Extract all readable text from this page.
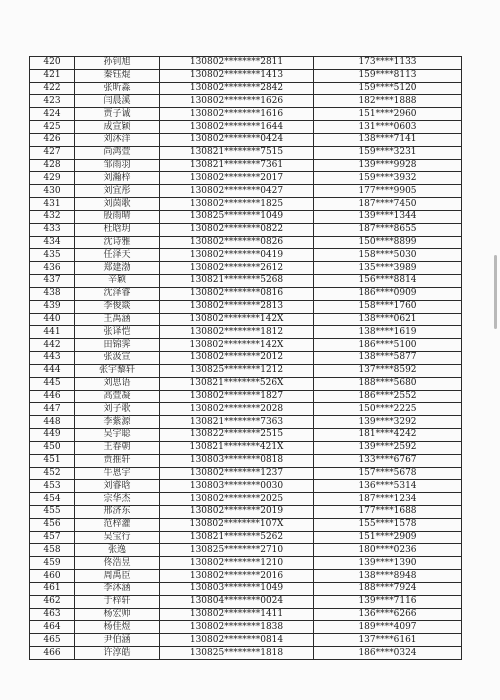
420	孙钊旭	130802********2811	173****1133
421	秦钰焜	130802********1413	159****8113
422	张昕淼	130802********2842	159****5120
423	闫晨溪	130802********1626	182****1888
424	贾子诚	130802********1616	151****2960
425	成宣颖	130802********1644	131****0603
426	刘沐洋	130802********0424	138****7141
427	尚鸿萱	130821********7515	159****3231
428	邹雨羽	130821********7361	139****9928
429	刘瀚梓	130802********2017	159****3932
430	刘宜彤	130802********0427	177****9905
431	刘茵歌	130802********1825	187****7450
432	殷雨晴	130825********1049	139****1344
433	杜晗玥	130802********0822	187****8655
434	沈诗雅	130802********0826	150****8899
435	任泽天	130802********0419	158****5030
436	郑建渤	130802********2612	135****3989
437	辛颖	130821********5268	156****8814
438	沈泽睿	130802********0816	186****0909
439	李俊燚	130802********2813	158****1760
440	王禹涵	130802********142X	138****0621
441	张译恺	130802********1812	138****1619
442	田锦霁	130802********142X	186****5100
443	张汲宣	130802********2012	138****5877
444	张宇藜轩	130825********1212	137****8592
445	刘思语	130821********526X	188****5680
446	高萱凝	130802********1827	186****2552
447	刘子歌	130802********2028	150****2225
448	李紫源	130821********7363	139****3292
449	吴宇聪	130822********2515	181****4242
450	王春朝	130821********421X	139****2592
451	贾推轩	130803********0818	133****6767
452	牛恩宇	130802********1237	157****5678
453	刘睿晗	130803********0030	136****5314
454	宗华杰	130802********2025	187****1234
455	邢济东	130802********2019	177****1688
456	范梓灌	130802********107X	155****1578
457	吴宝行	130821********5262	151****2909
458	张逸	130825********2710	180****0236
459	佟浩昱	130802********1210	139****1390
460	周禹臣	130802********2016	138****8948
461	李沐涵	130803********1049	188****7924
462	于梓轩	130804********0024	139****7116
463	杨宏帅	130802********1411	136****6266
464	杨佳煜	130802********1838	189****4097
465	尹伯涵	130802********0814	137****6161
466	许淳皓	130825********1818	186****0324
